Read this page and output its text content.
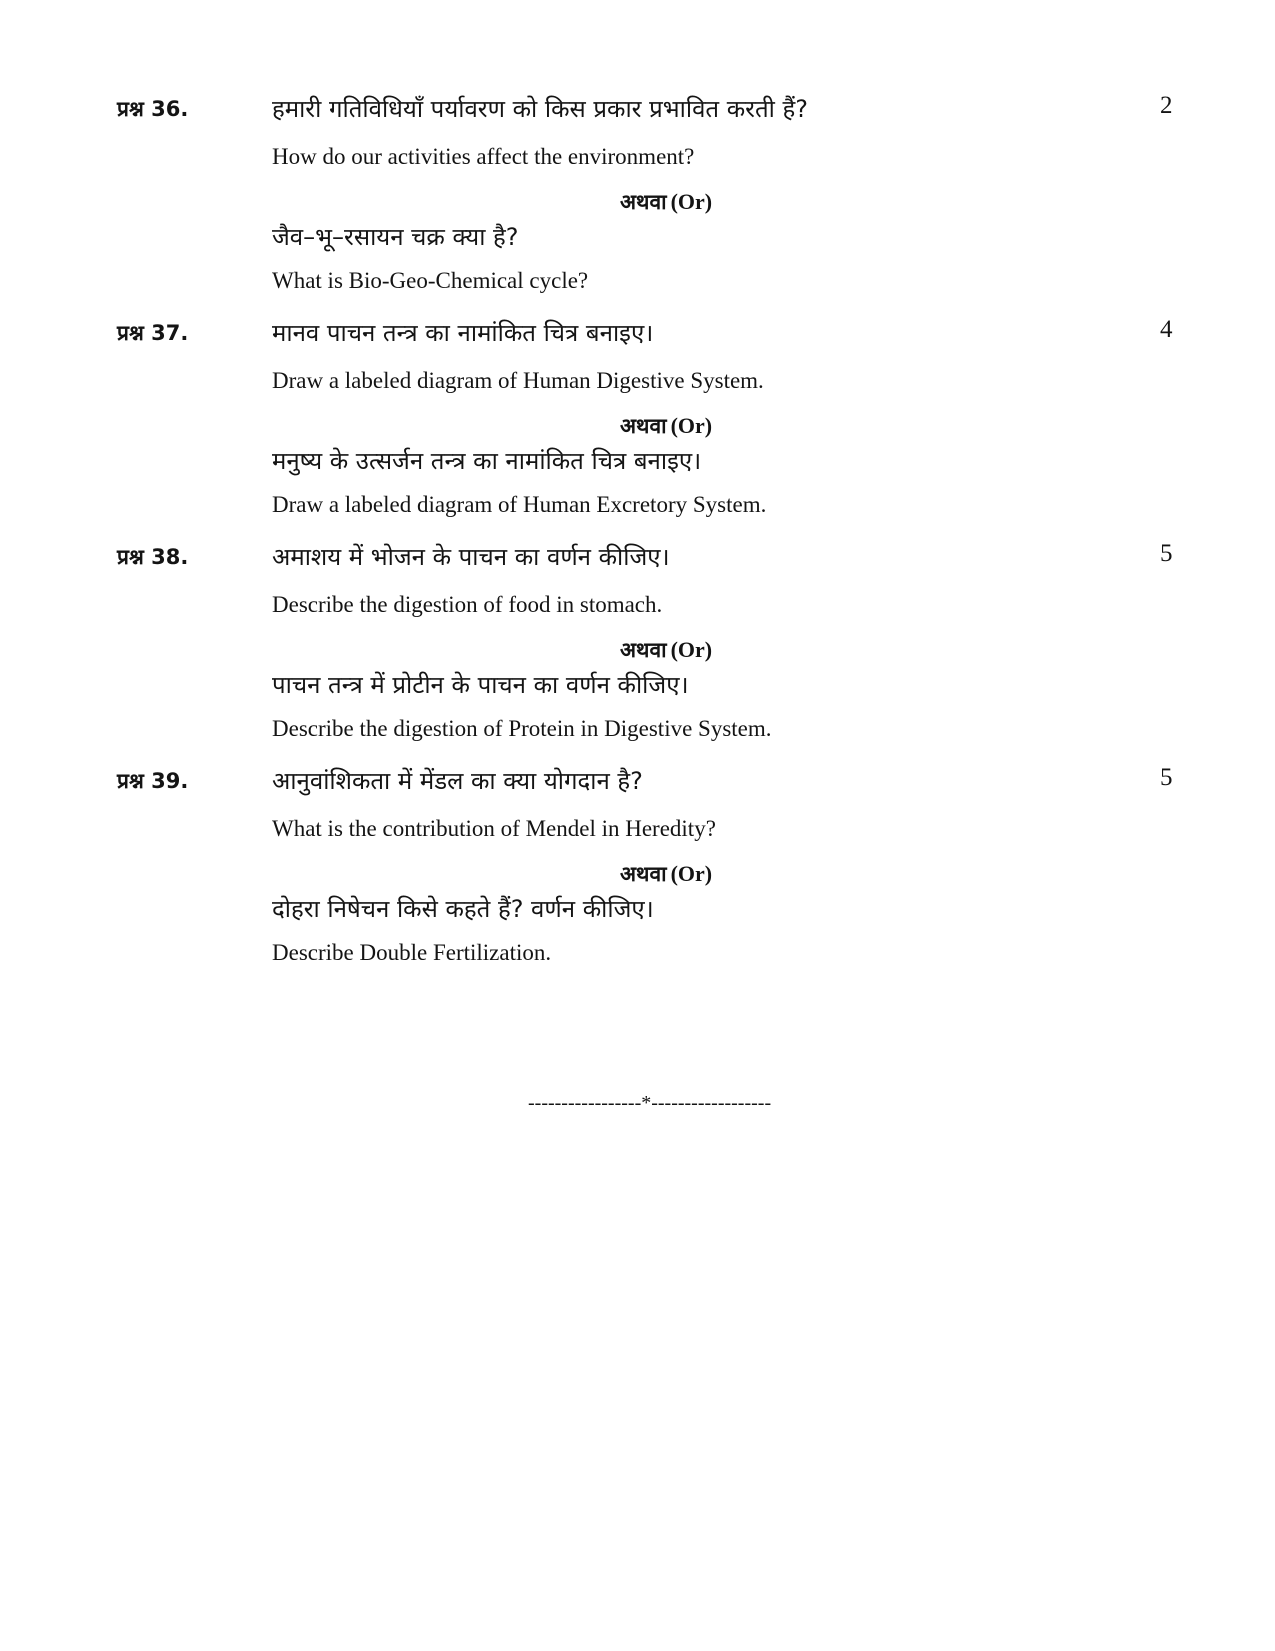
प्रश्न 36.	2
हमारी गतिविधियाँ पर्यावरण को किस प्रकार प्रभावित करती हैं?
How do our activities affect the environment?
अथवा (Or)
जैव–भू–रसायन चक्र क्या है?
What is Bio-Geo-Chemical cycle?
प्रश्न 37.	4
मानव पाचन तन्त्र का नामांकित चित्र बनाइए।
Draw a labeled diagram of Human Digestive System.
अथवा (Or)
मनुष्य के उत्सर्जन तन्त्र का नामांकित चित्र बनाइए।
Draw a labeled diagram of Human Excretory System.
प्रश्न 38.	5
अमाशय में भोजन के पाचन का वर्णन कीजिए।
Describe the digestion of food in stomach.
अथवा (Or)
पाचन तन्त्र में प्रोटीन के पाचन का वर्णन कीजिए।
Describe the digestion of Protein in Digestive System.
प्रश्न 39.	5
आनुवांशिकता में मेंडल का क्या योगदान है?
What is the contribution of Mendel in Heredity?
अथवा (Or)
दोहरा निषेचन किसे कहते हैं? वर्णन कीजिए।
Describe Double Fertilization.
-----------------*------------------
